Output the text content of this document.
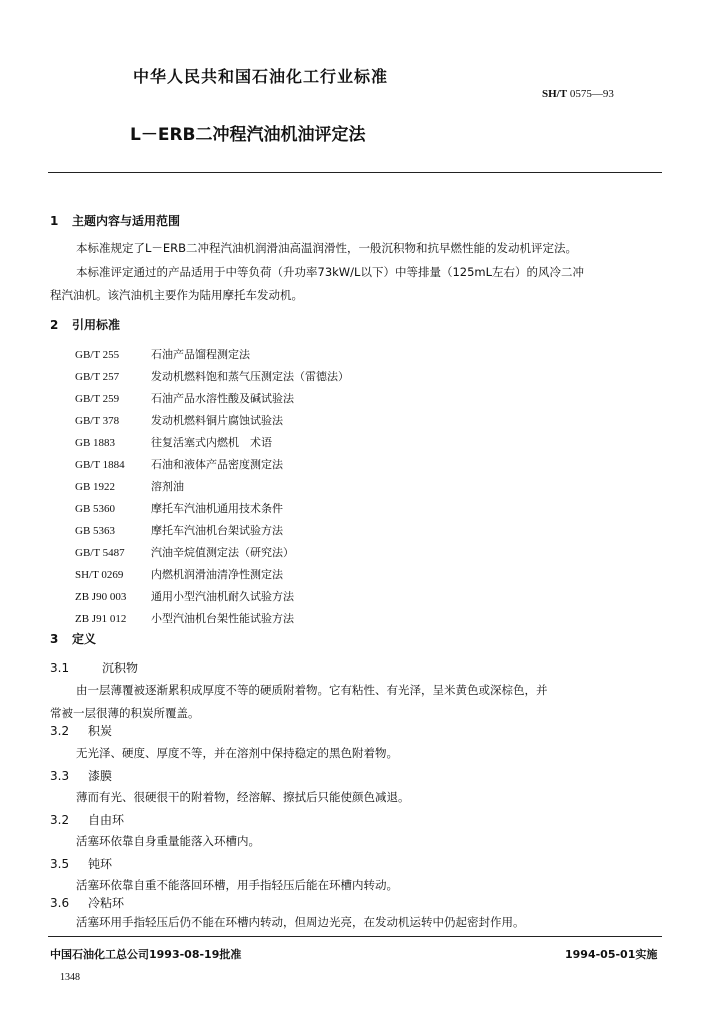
中华人民共和国石油化工行业标准
SH/T 0575—93
L－ERB二冲程汽油机油评定法
1 主题内容与适用范围
本标准规定了L－ERB二冲程汽油机润滑油高温润滑性，一般沉积物和抗早燃性能的发动机评定法。
本标准评定通过的产品适用于中等负荷（升功率73kW/L以下）中等排量（125mL左右）的风冷二冲
程汽油机。该汽油机主要作为陆用摩托车发动机。
2 引用标准
GB/T 255	石油产品馏程测定法
GB/T 257	发动机燃料饱和蒸气压测定法（雷德法）
GB/T 259	石油产品水溶性酸及碱试验法
GB/T 378	发动机燃料铜片腐蚀试验法
GB 1883	往复活塞式内燃机　术语
GB/T 1884 石油和液体产品密度测定法
GB 1922	溶剂油
GB 5360	摩托车汽油机通用技术条件
GB 5363	摩托车汽油机台架试验方法
GB/T 5487 汽油辛烷值测定法（研究法）
SH/T 0269	内燃机润滑油清净性测定法
ZB J90 003 通用小型汽油机耐久试验方法
ZB J91 012 小型汽油机台架性能试验方法
3 定义
3.1	沉积物
由一层薄覆被逐渐累积成厚度不等的硬质附着物。它有粘性、有光泽，呈米黄色或深棕色，并
常被一层很薄的积炭所覆盖。
3.2 积炭
无光泽、硬度、厚度不等，并在溶剂中保持稳定的黑色附着物。
3.3 漆膜
薄而有光、很硬很干的附着物，经溶解、擦拭后只能使颜色减退。
3.2 自由环
活塞环依靠自身重量能落入环槽内。
3.5 钝环
活塞环依靠自重不能落回环槽，用手指轻压后能在环槽内转动。
3.6 冷粘环
活塞环用手指轻压后仍不能在环槽内转动，但周边光亮，在发动机运转中仍起密封作用。
中国石油化工总公司1993-08-19批准	1994-05-01实施
1348
